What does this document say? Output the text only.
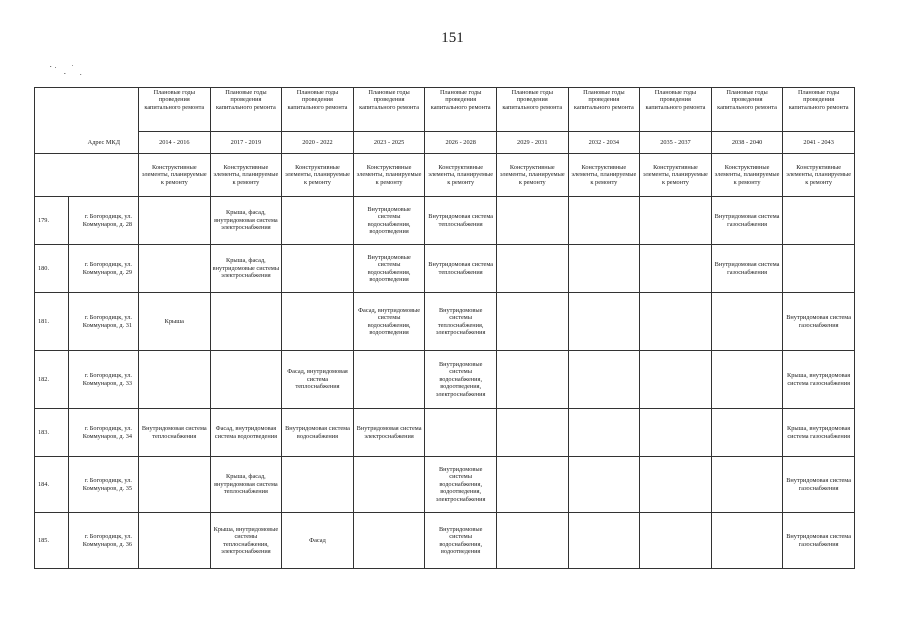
151
		Плановые годы проведения капитального ремонта	Плановые годы проведения капитального ремонта	Плановые годы проведения капитального ремонта	Плановые годы проведения капитального ремонта	Плановые годы проведения капитального ремонта	Плановые годы проведения капитального ремонта	Плановые годы проведения капитального ремонта	Плановые годы проведения капитального ремонта	Плановые годы проведения капитального ремонта	Плановые годы проведения капитального ремонта
Адрес МКД		2014 - 2016	2017 - 2019	2020 - 2022	2023 - 2025	2026 - 2028	2029 - 2031	2032 - 2034	2035 - 2037	2038 - 2040	2041 - 2043
		Конструктивные элементы, планируемые к ремонту	Конструктивные элементы, планируемые к ремонту	Конструктивные элементы, планируемые к ремонту	Конструктивные элементы, планируемые к ремонту	Конструктивные элементы, планируемые к ремонту	Конструктивные элементы, планируемые к ремонту	Конструктивные элементы, планируемые к ремонту	Конструктивные элементы, планируемые к ремонту	Конструктивные элементы, планируемые к ремонту	Конструктивные элементы, планируемые к ремонту
179.	г. Богородицк, ул. Коммунаров, д. 28		Крыша, фасад, внутридомовая система электроснабжения		Внутридомовые системы водоснабжения, водоотведения	Внутридомовая система теплоснабжения				Внутридомовая система газоснабжения	
180.	г. Богородицк, ул. Коммунаров, д. 29		Крыша, фасад, внутридомовые системы электроснабжения		Внутридомовые системы водоснабжения, водоотведения	Внутридомовая система теплоснабжения				Внутридомовая система газоснабжения	
181.	г. Богородицк, ул. Коммунаров, д. 31	Крыша			Фасад, внутридомовые системы водоснабжения, водоотведения	Внутридомовые системы теплоснабжения, электроснабжения					Внутридомовая система газоснабжения
182.	г. Богородицк, ул. Коммунаров, д. 33			Фасад, внутридомовая система теплоснабжения		Внутридомовые системы водоснабжения, водоотведения, электроснабжения					Крыша, внутридомовая система газоснабжения
183.	г. Богородицк, ул. Коммунаров, д. 34	Внутридомовая система теплоснабжения	Фасад, внутридомовая система водоотведения	Внутридомовая система водоснабжения	Внутридомовая система электроснабжения						Крыша, внутридомовая система газоснабжения
184.	г. Богородицк, ул. Коммунаров, д. 35		Крыша, фасад, внутридомовая система теплоснабжения			Внутридомовые системы водоснабжения, водоотведения, электроснабжения					Внутридомовая система газоснабжения
185.	г. Богородицк, ул. Коммунаров, д. 36		Крыша, внутридомовые системы теплоснабжения, электроснабжения	Фасад		Внутридомовые системы водоснабжения, водоотведения					Внутридомовая система газоснабжения
